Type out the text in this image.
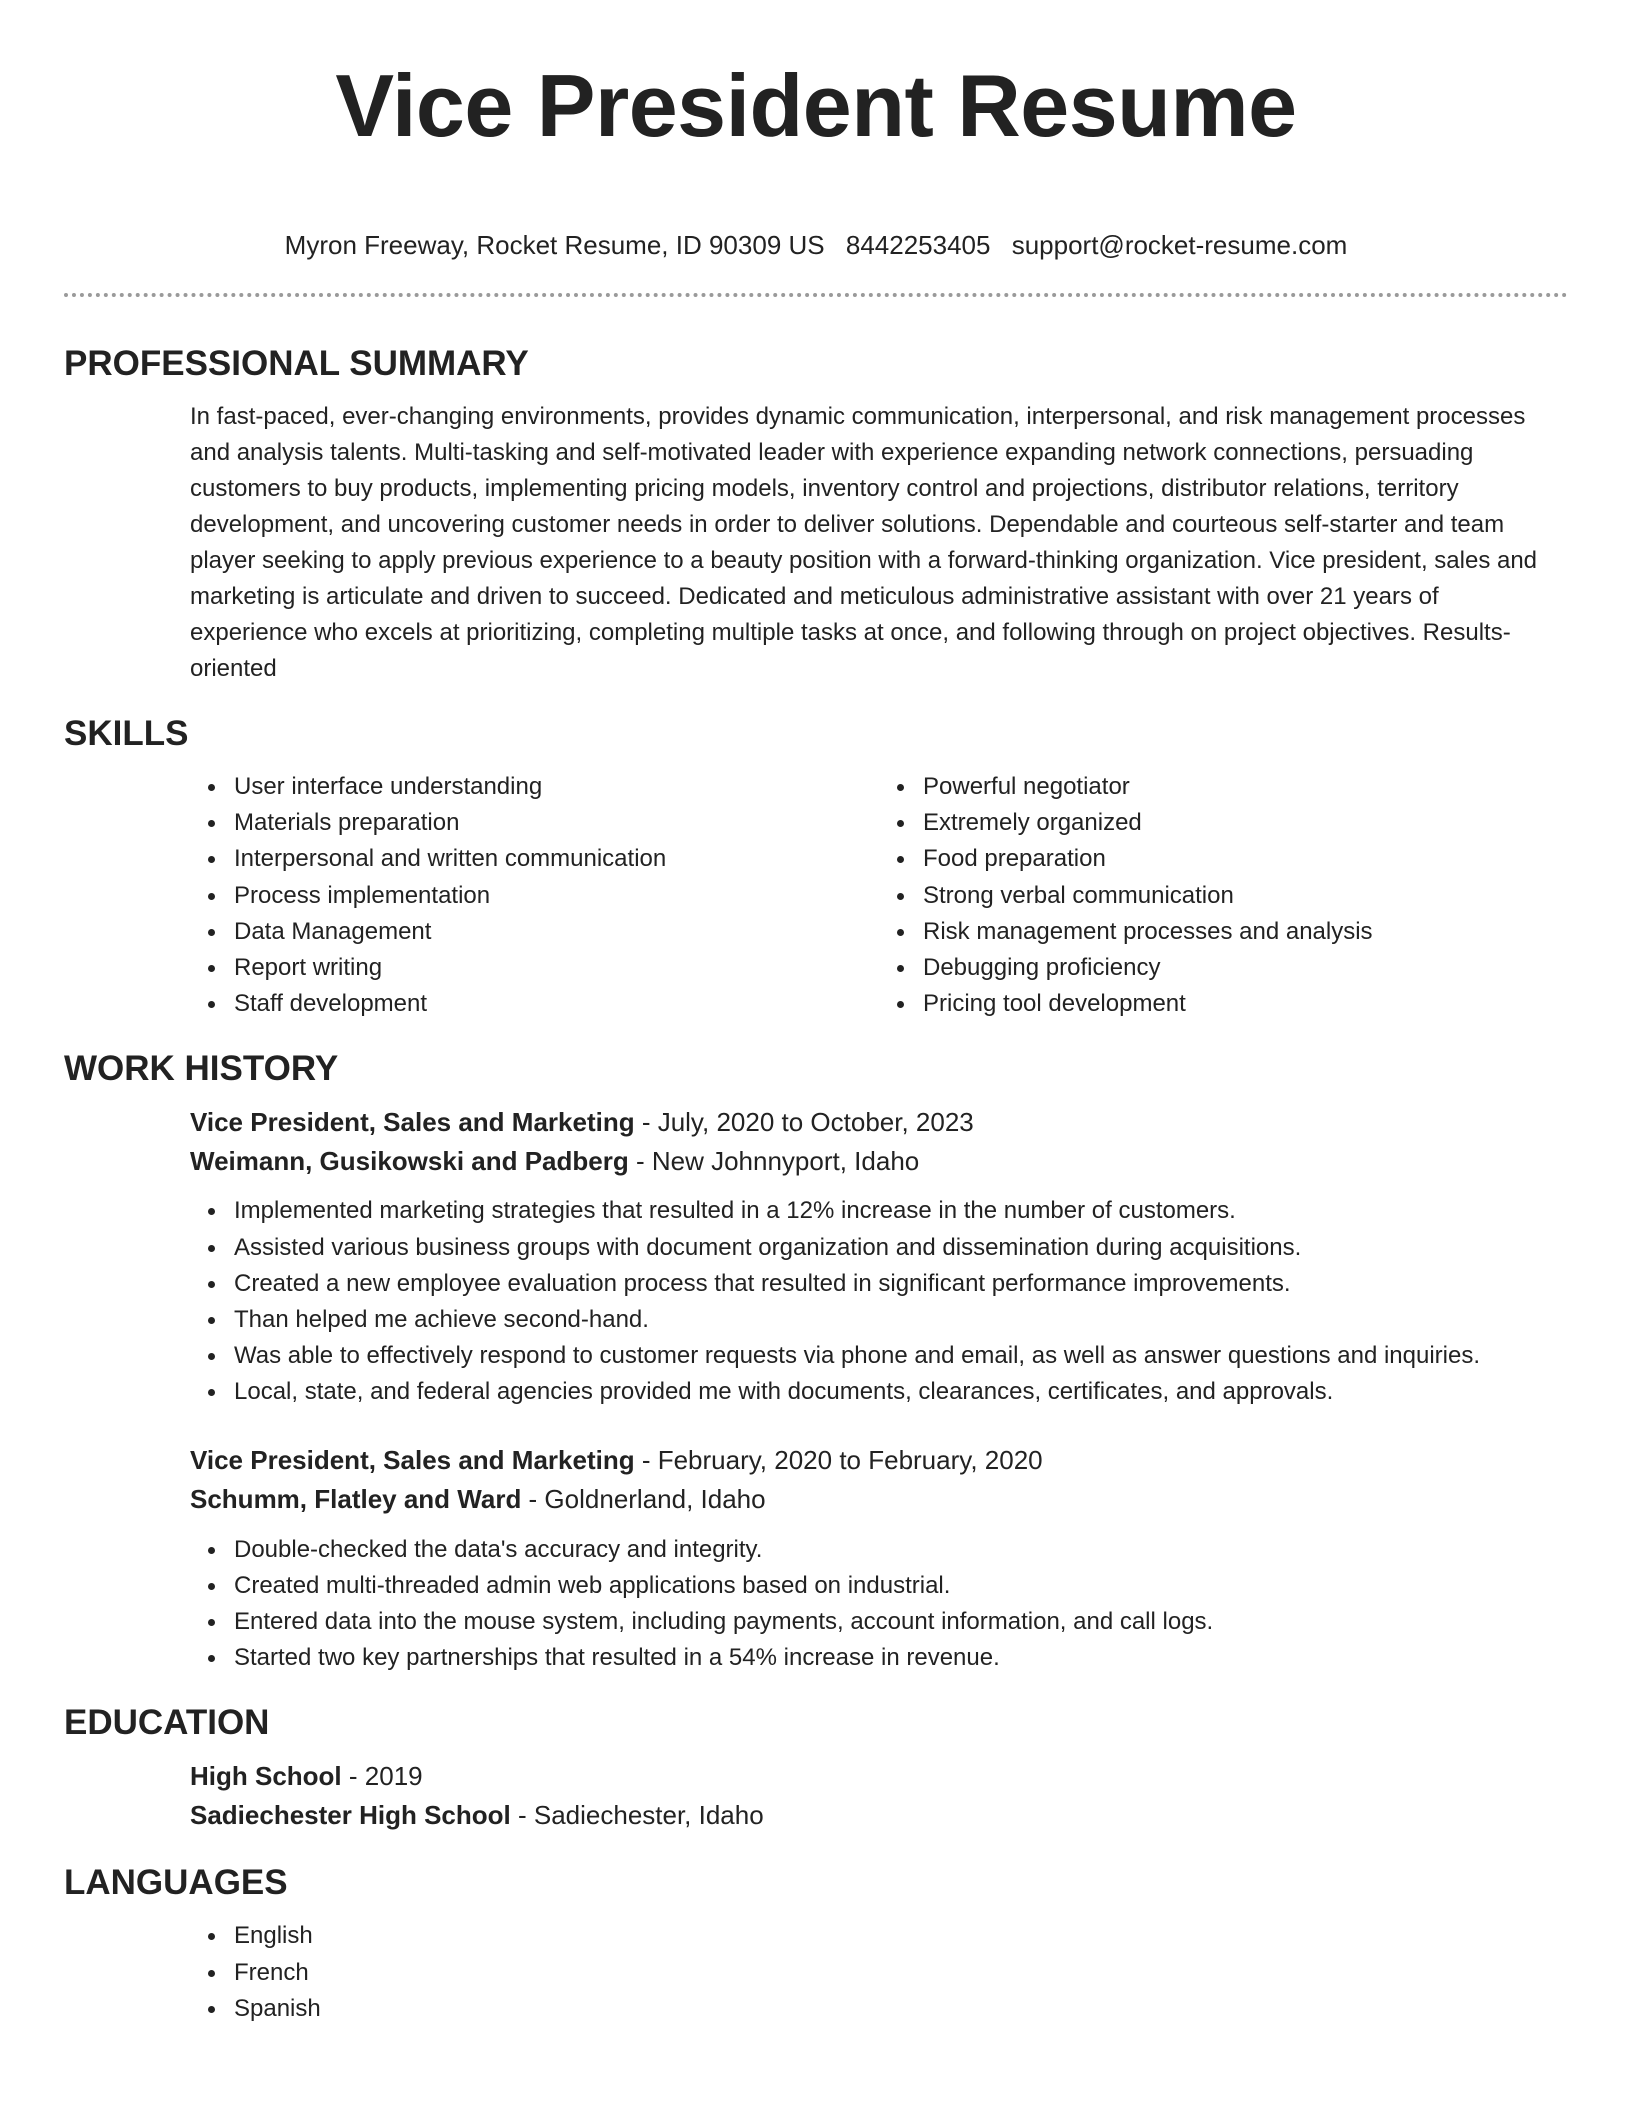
Vice President Resume
Myron Freeway, Rocket Resume, ID 90309 US 8442253405 support@rocket-resume.com
PROFESSIONAL SUMMARY

In fast-paced, ever-changing environments, provides dynamic communication, interpersonal, and risk management processes and analysis talents. Multi-tasking and self-motivated leader with experience expanding network connections, persuading customers to buy products, implementing pricing models, inventory control and projections, distributor relations, territory development, and uncovering customer needs in order to deliver solutions. Dependable and courteous self-starter and team player seeking to apply previous experience to a beauty position with a forward-thinking organization. Vice president, sales and marketing is articulate and driven to succeed. Dedicated and meticulous administrative assistant with over 21 years of experience who excels at prioritizing, completing multiple tasks at once, and following through on project objectives. Results-oriented

SKILLS
User interface understanding
Materials preparation
Interpersonal and written communication
Process implementation
Data Management
Report writing
Staff development
Powerful negotiator
Extremely organized
Food preparation
Strong verbal communication
Risk management processes and analysis
Debugging proficiency
Pricing tool development
WORK HISTORY
Vice President, Sales and Marketing - July, 2020 to October, 2023
Weimann, Gusikowski and Padberg - New Johnnyport, Idaho
Implemented marketing strategies that resulted in a 12% increase in the number of customers.
Assisted various business groups with document organization and dissemination during acquisitions.
Created a new employee evaluation process that resulted in significant performance improvements.
Than helped me achieve second-hand.
Was able to effectively respond to customer requests via phone and email, as well as answer questions and inquiries.
Local, state, and federal agencies provided me with documents, clearances, certificates, and approvals.
Vice President, Sales and Marketing - February, 2020 to February, 2020
Schumm, Flatley and Ward - Goldnerland, Idaho
Double-checked the data's accuracy and integrity.
Created multi-threaded admin web applications based on industrial.
Entered data into the mouse system, including payments, account information, and call logs.
Started two key partnerships that resulted in a 54% increase in revenue.
EDUCATION
High School - 2019
Sadiechester High School - Sadiechester, Idaho
LANGUAGES
English
French
Spanish
